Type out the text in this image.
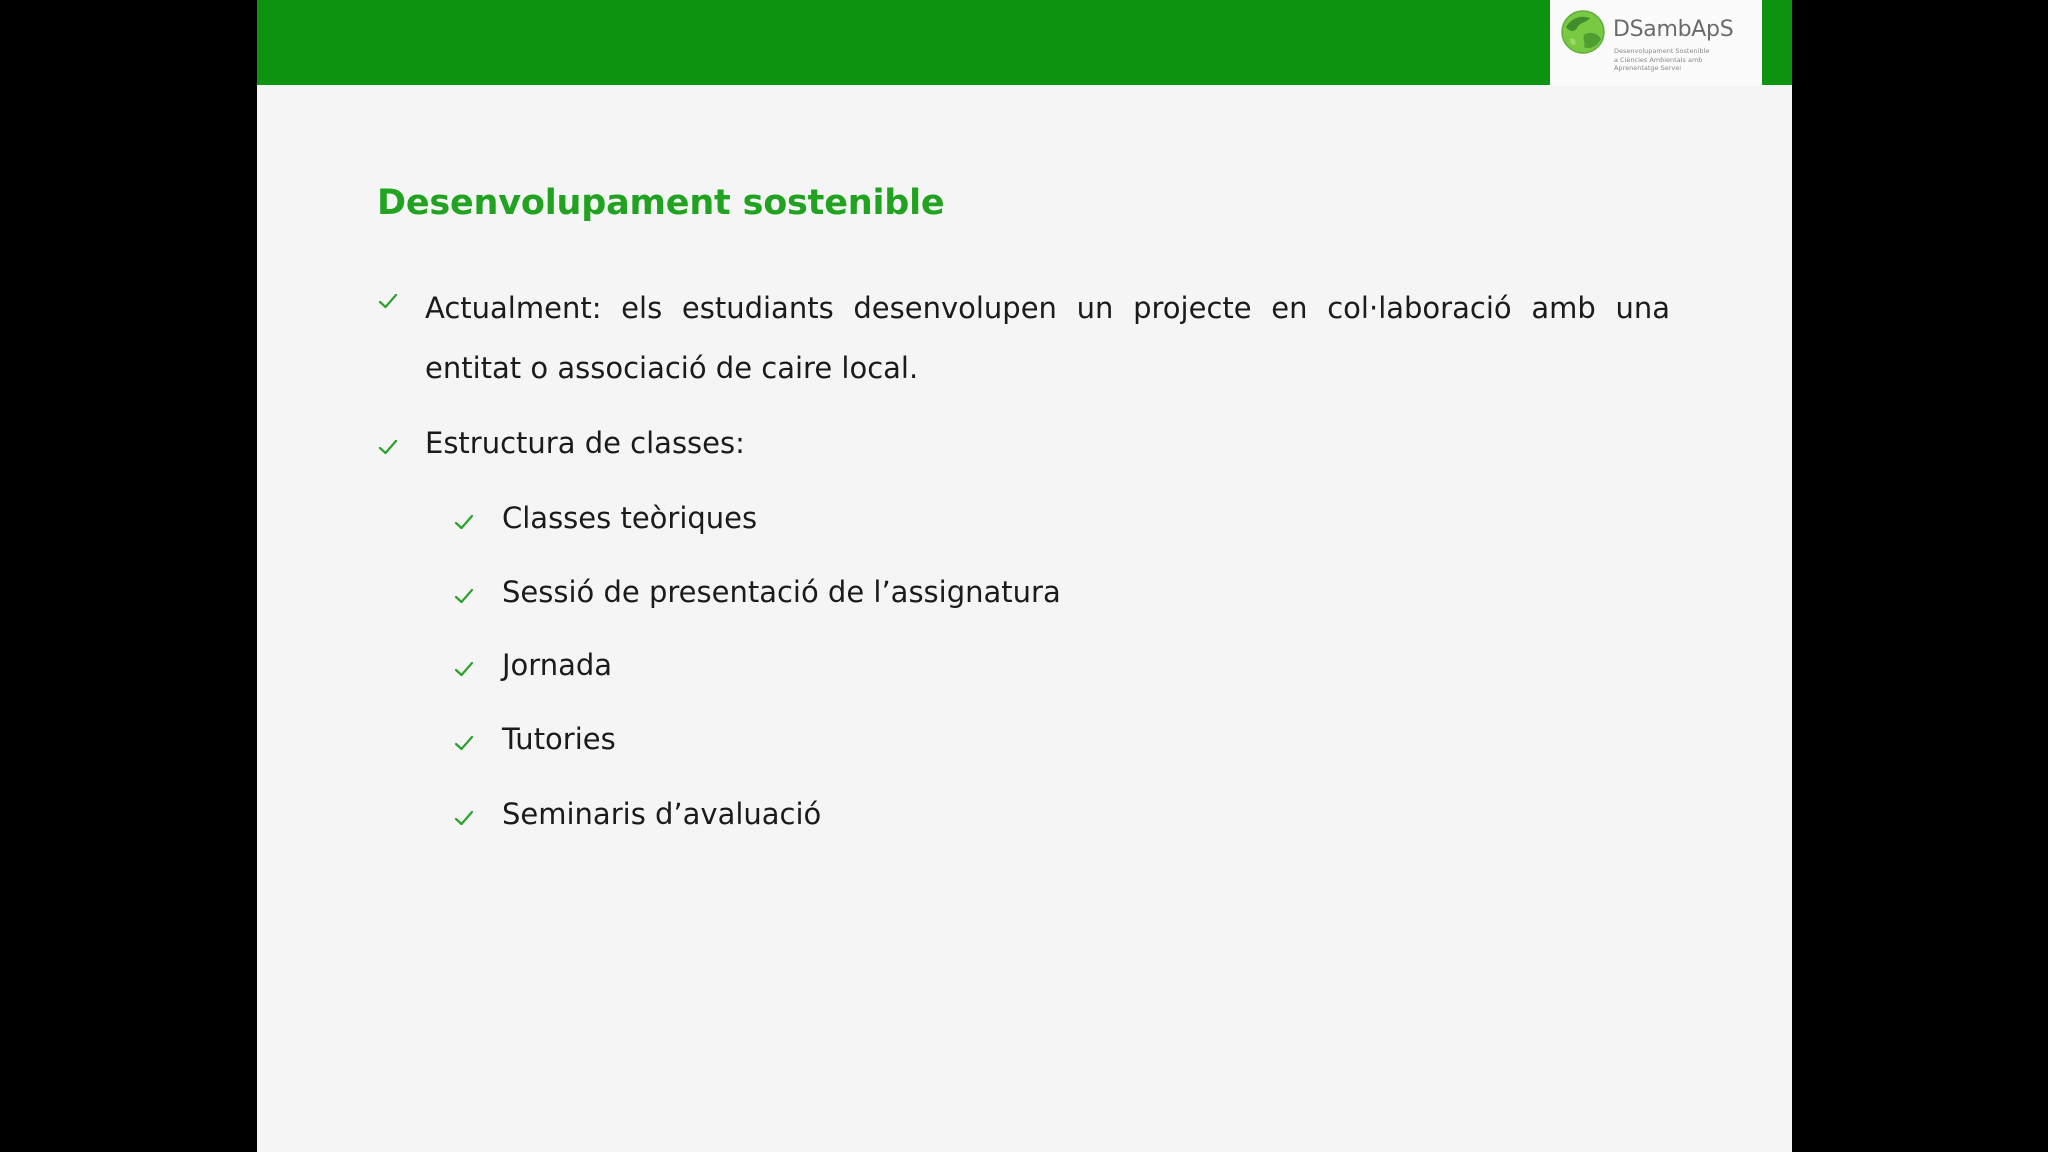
DSambApS
Desenvolupament Sostenible
a Ciències Ambientals amb
Aprenentatge Servei
Desenvolupament sostenible
Actualment: els estudiants desenvolupen un projecte en col·laboració amb una entitat o associació de caire local.
Estructura de classes:
Classes teòriques
Sessió de presentació de l’assignatura
Jornada
Tutories
Seminaris d’avaluació
